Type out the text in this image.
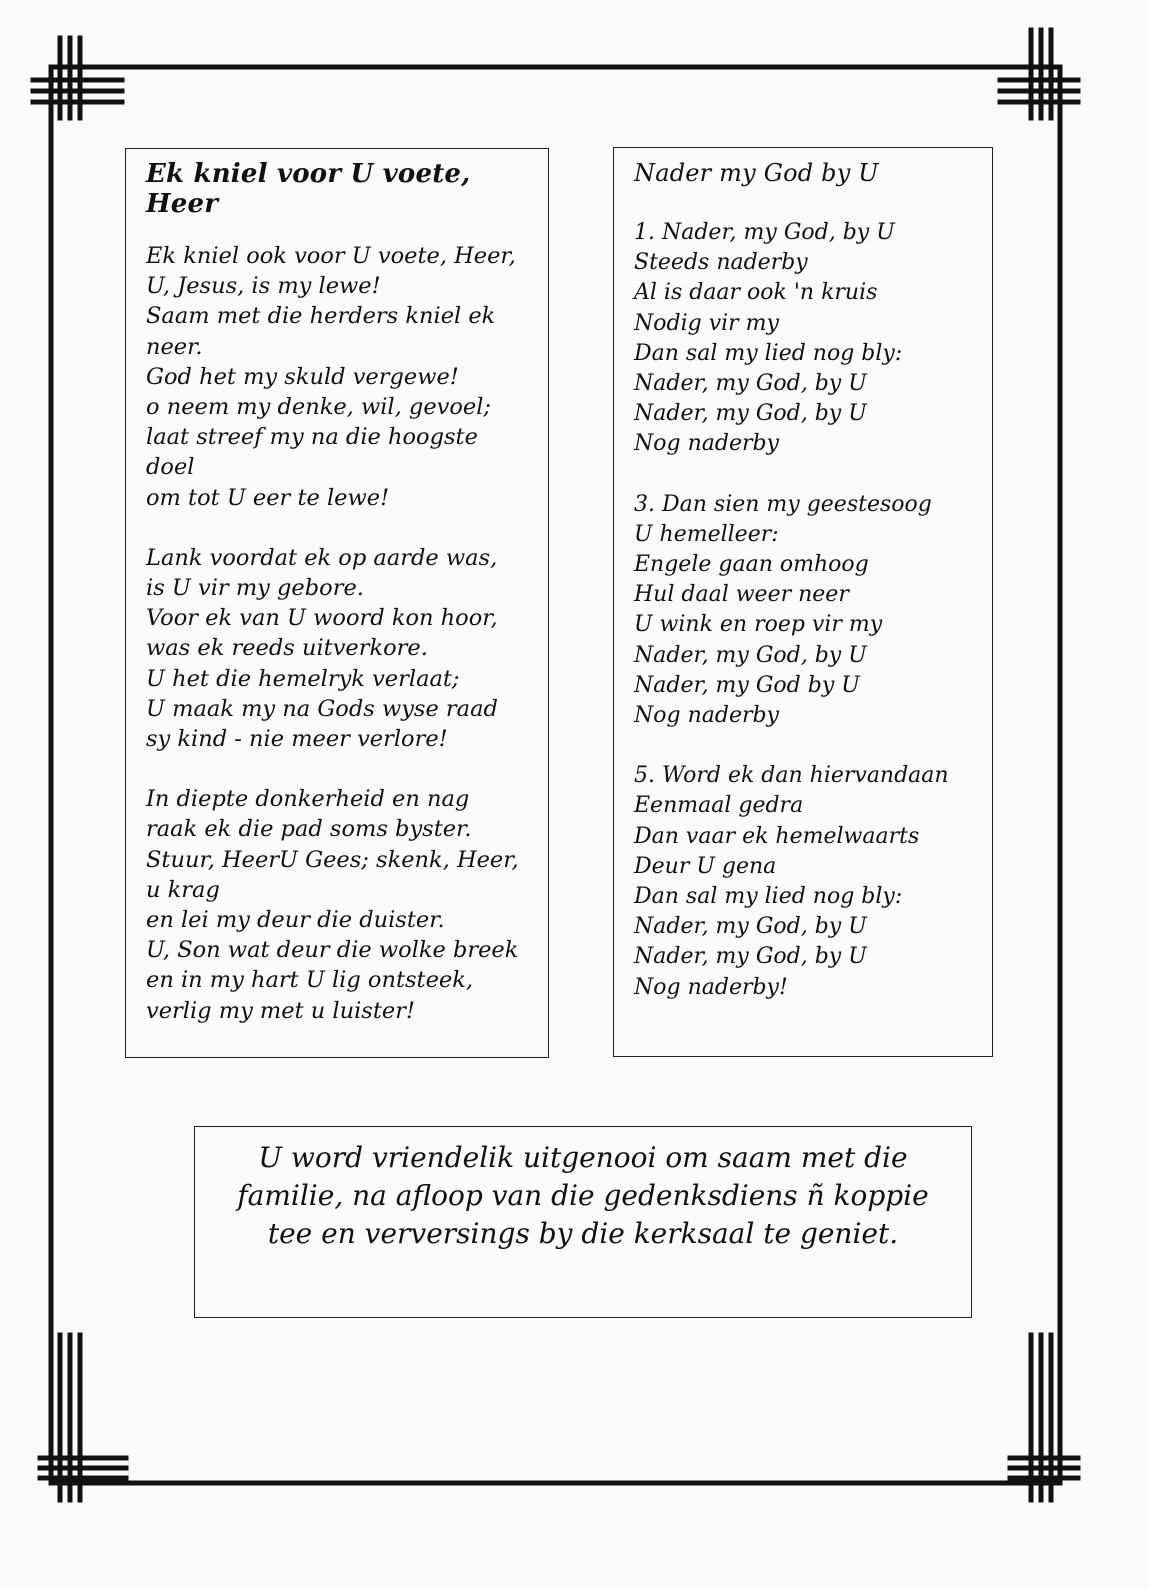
Ek kniel voor U voete, Heer
Ek kniel ook voor U voete, Heer,
U, Jesus, is my lewe!
Saam met die herders kniel ek
neer.
God het my skuld vergewe!
o neem my denke, wil, gevoel;
laat streef my na die hoogste
doel
om tot U eer te lewe!
Lank voordat ek op aarde was,
is U vir my gebore.
Voor ek van U woord kon hoor,
was ek reeds uitverkore.
U het die hemelryk verlaat;
U maak my na Gods wyse raad
sy kind - nie meer verlore!
In diepte donkerheid en nag
raak ek die pad soms byster.
Stuur, HeerU Gees; skenk, Heer,
u krag
en lei my deur die duister.
U, Son wat deur die wolke breek
en in my hart U lig ontsteek,
verlig my met u luister!
Nader my God by U
1. Nader, my God, by U
Steeds naderby
Al is daar ook 'n kruis
Nodig vir my
Dan sal my lied nog bly:
Nader, my God, by U
Nader, my God, by U
Nog naderby
3. Dan sien my geestesoog
U hemelleer:
Engele gaan omhoog
Hul daal weer neer
U wink en roep vir my
Nader, my God, by U
Nader, my God by U
Nog naderby
5. Word ek dan hiervandaan
Eenmaal gedra
Dan vaar ek hemelwaarts
Deur U gena
Dan sal my lied nog bly:
Nader, my God, by U
Nader, my God, by U
Nog naderby!
U word vriendelik uitgenooi om saam met die
familie, na afloop van die gedenksdiens ñ koppie
tee en verversings by die kerksaal te geniet.
